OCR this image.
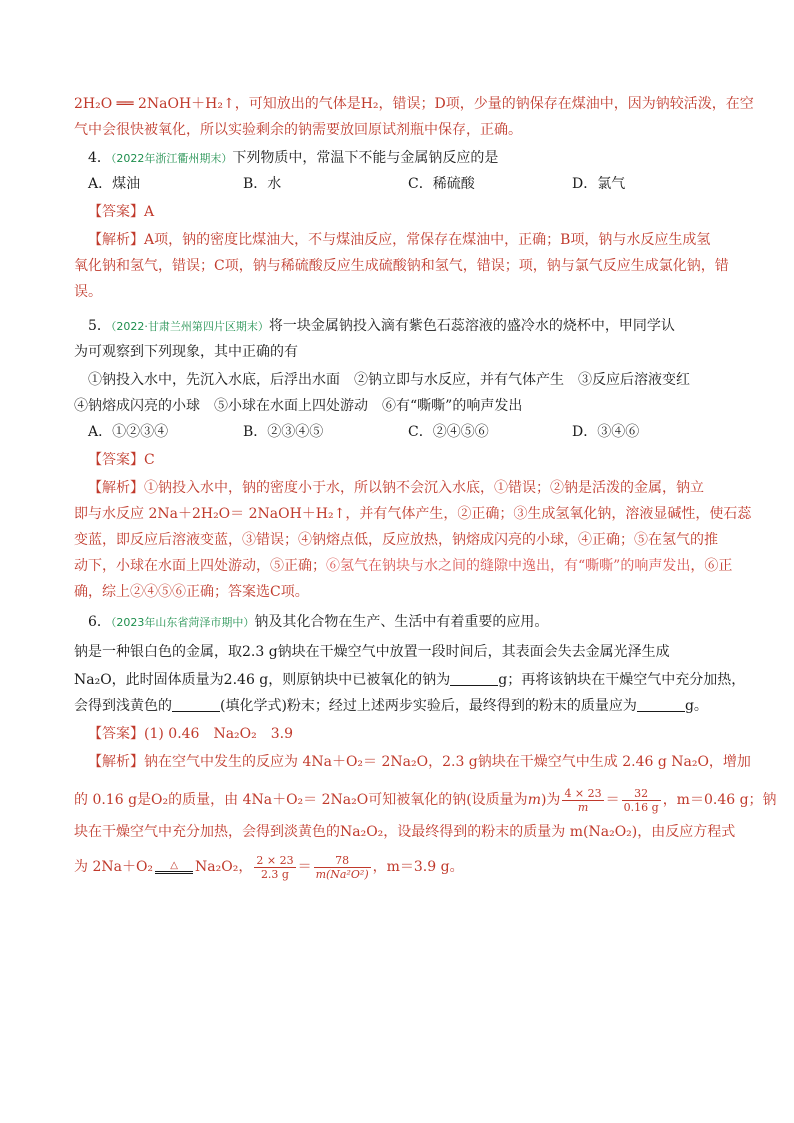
2H₂O ══ 2NaOH＋H₂↑，可知放出的气体是H₂，错误；D项，少量的钠保存在煤油中，因为钠较活泼，在空
气中会很快被氧化，所以实验剩余的钠需要放回原试剂瓶中保存，正确。
4．（2022年浙江衢州期末）下列物质中，常温下不能与金属钠反应的是
A．煤油	B．水	C．稀硫酸	D．氯气
【答案】A
【解析】A项，钠的密度比煤油大，不与煤油反应，常保存在煤油中，正确；B项，钠与水反应生成氢
氧化钠和氢气，错误；C项，钠与稀硫酸反应生成硫酸钠和氢气，错误；项，钠与氯气反应生成氯化钠，错
误。
5．（2022·甘肃兰州第四片区期末）将一块金属钠投入滴有紫色石蕊溶液的盛冷水的烧杯中，甲同学认
为可观察到下列现象，其中正确的有
①钠投入水中，先沉入水底，后浮出水面　②钠立即与水反应，并有气体产生　③反应后溶液变红
④钠熔成闪亮的小球　⑤小球在水面上四处游动　⑥有“嘶嘶”的响声发出
A．①②③④	B．②③④⑤	C．②④⑤⑥	D．③④⑥
【答案】C
【解析】①钠投入水中，钠的密度小于水，所以钠不会沉入水底，①错误；②钠是活泼的金属，钠立
即与水反应 2Na＋2H₂O＝ 2NaOH＋H₂↑，并有气体产生，②正确；③生成氢氧化钠，溶液显碱性，使石蕊
变蓝，即反应后溶液变蓝，③错误；④钠熔点低，反应放热，钠熔成闪亮的小球，④正确；⑤在氢气的推
动下，小球在水面上四处游动，⑤正确；⑥氢气在钠块与水之间的缝隙中逸出，有“嘶嘶”的响声发出，⑥正
确，综上②④⑤⑥正确；答案选C项。
6．（2023年山东省菏泽市期中）钠及其化合物在生产、生活中有着重要的应用。
钠是一种银白色的金属，取2.3 g钠块在干燥空气中放置一段时间后，其表面会失去金属光泽生成
Na₂O，此时固体质量为2.46 g，则原钠块中已被氧化的钠为	g；再将该钠块在干燥空气中充分加热，
会得到浅黄色的	(填化学式)粉末；经过上述两步实验后，最终得到的粉末的质量应为	g。
【答案】(1) 0.46　Na₂O₂　3.9
【解析】钠在空气中发生的反应为 4Na＋O₂＝ 2Na₂O，2.3 g钠块在干燥空气中生成 2.46 g Na₂O，增加
的 0.16 g是O₂的质量，由 4Na＋O₂＝ 2Na₂O可知被氧化的钠(设质量为m)为 $\frac{4 \times 23}{m} = \frac{32}{0.16 g}$ ，m＝0.46 g；钠
块在干燥空气中充分加热，会得到淡黄色的Na₂O₂，设最终得到的粉末的质量为 m(Na₂O₂)，由反应方程式
为 2Na＋O₂ △ Na₂O₂， $\frac{2 \times 23}{2.3 g} = \frac{78}{\text{m(Na²O²)}}$ ，m＝3.9 g。
